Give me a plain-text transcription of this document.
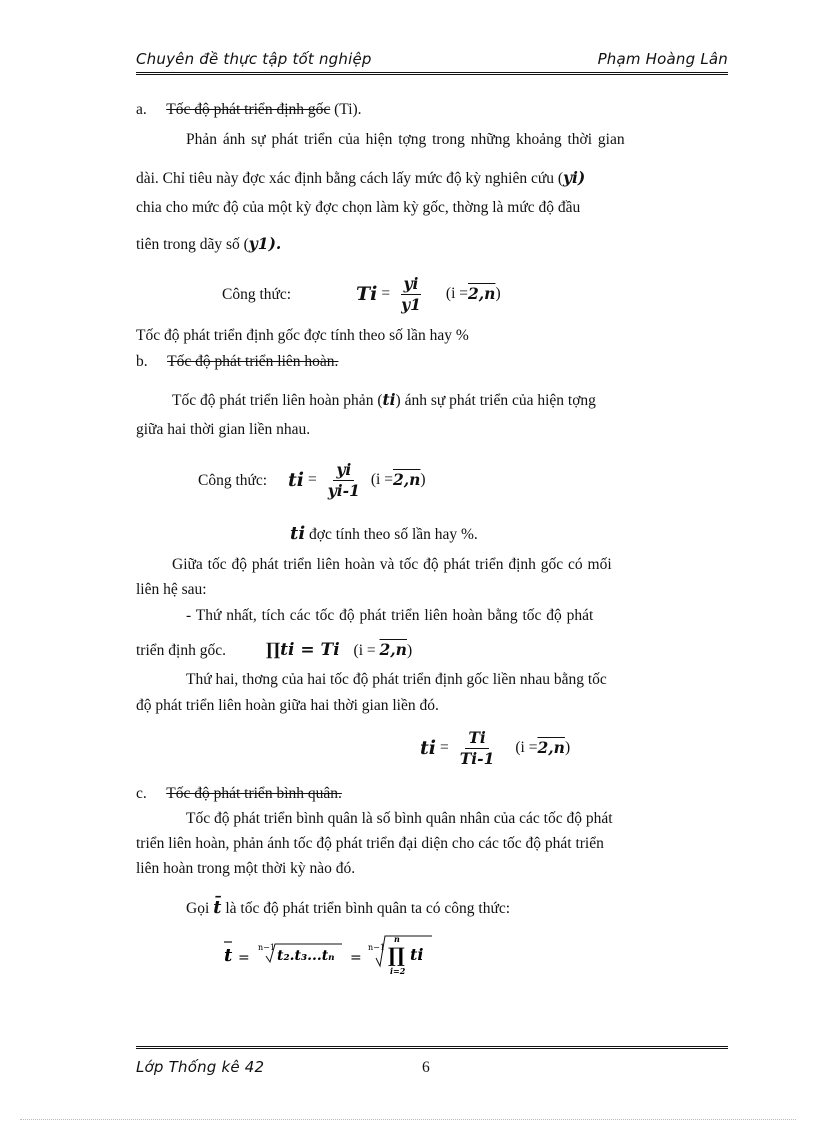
Chuyên đề thực tập tốt nghiệp	Phạm Hoàng Lân
a. Tốc độ phát triển định gốc (Ti).
Phản ánh sự phát triển của hiện tợng trong những khoảng thời gian
dài. Chỉ tiêu này đợc xác định bằng cách lấy mức độ kỳ nghiên cứu (yi)
chia cho mức độ của một kỳ đợc chọn làm kỳ gốc, thờng là mức độ đầu
tiên trong dãy số (y1).
Công thức:	$Ti = \frac{yi}{y1} (i = 2,n$ )
Tốc độ phát triển định gốc đợc tính theo số lần hay %
b. Tốc độ phát triển liên hoàn.
Tốc độ phát triển liên hoàn phản (ti) ánh sự phát triển của hiện tợng
giữa hai thời gian liền nhau.
Công thức: ti = $\frac{yi}{yi-1} (i = 2,n$ )
ti đợc tính theo số lần hay %.
Giữa tốc độ phát triển liên hoàn và tốc độ phát triển định gốc có mối
liên hệ sau:
- Thứ nhất, tích các tốc độ phát triển liên hoàn bằng tốc độ phát
triển định gốc. ∏ti = Ti (i = 2,n)
Thứ hai, thơng của hai tốc độ phát triển định gốc liền nhau bằng tốc
độ phát triển liên hoàn giữa hai thời gian liền đó.
ti = $\frac{Ti}{Ti-1} (i = 2,n$ )
c. Tốc độ phát triển bình quân.
Tốc độ phát triển bình quân là số bình quân nhân của các tốc độ phát
triển liên hoàn, phản ánh tốc độ phát triển đại diện cho các tốc độ phát triển
liên hoàn trong một thời kỳ nào đó.
Gọi t̄ là tốc độ phát triển bình quân ta có công thức:
t =
n−1
t₂.t₃...tₙ =
n−1
n
∏
i=2
ti
Lớp Thống kê 42	6
